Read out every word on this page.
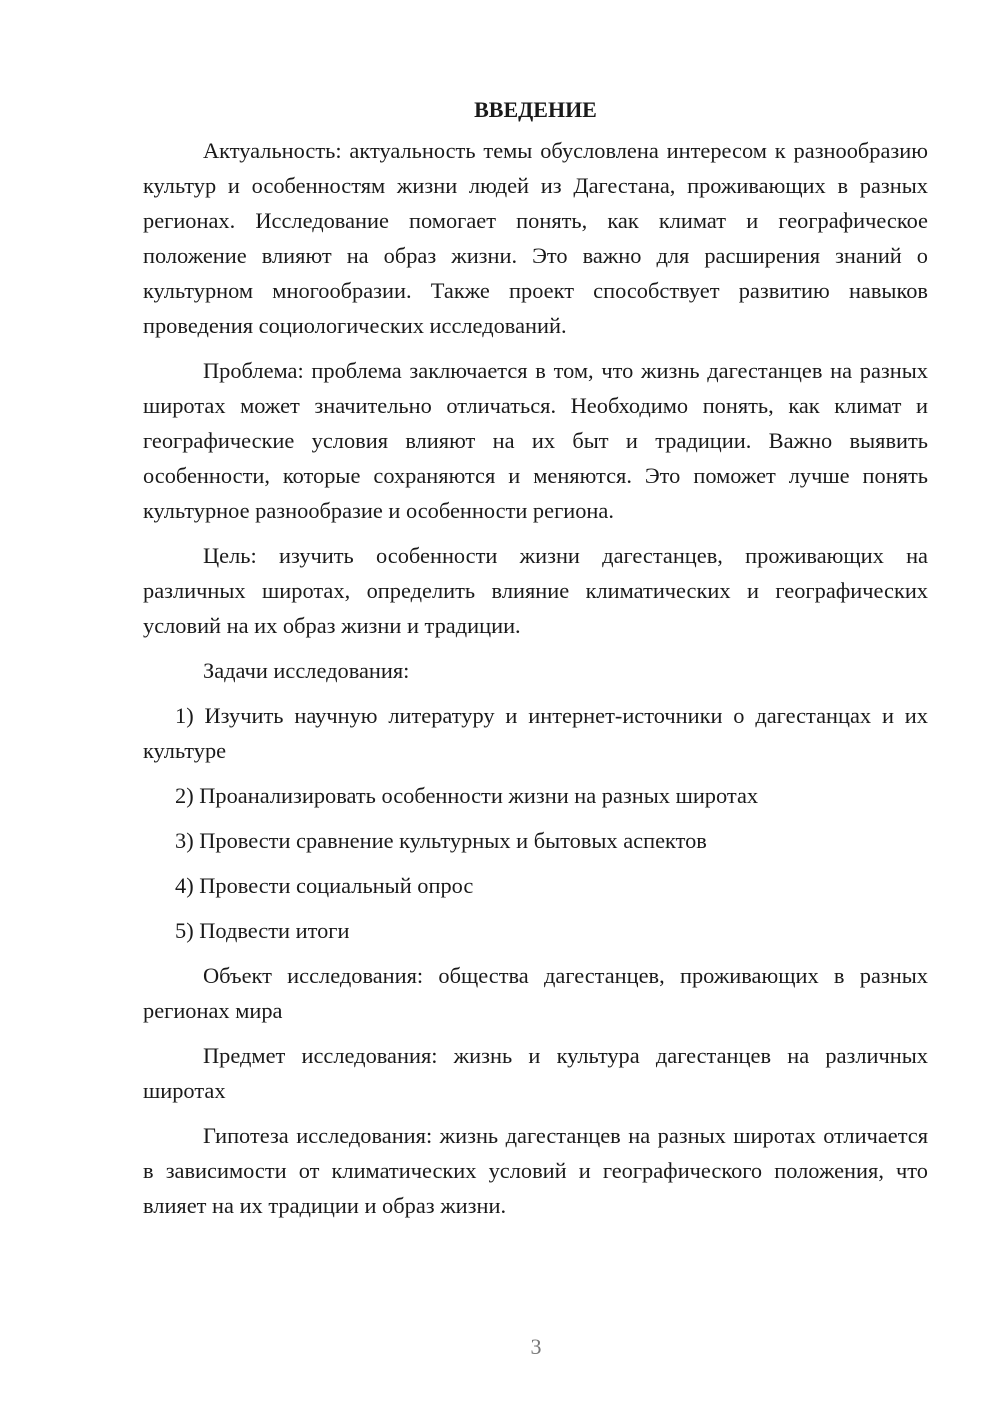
ВВЕДЕНИЕ

Актуальность: актуальность темы обусловлена интересом к разнообразию культур и особенностям жизни людей из Дагестана, проживающих в разных регионах. Исследование помогает понять, как климат и географическое положение влияют на образ жизни. Это важно для расширения знаний о культурном многообразии. Также проект способствует развитию навыков проведения социологических исследований.

Проблема: проблема заключается в том, что жизнь дагестанцев на разных широтах может значительно отличаться. Необходимо понять, как климат и географические условия влияют на их быт и традиции. Важно выявить особенности, которые сохраняются и меняются. Это поможет лучше понять культурное разнообразие и особенности региона.

Цель: изучить особенности жизни дагестанцев, проживающих на различных широтах, определить влияние климатических и географических условий на их образ жизни и традиции.

Задачи исследования:

1) Изучить научную литературу и интернет-источники о дагестанцах и их культуре

2) Проанализировать особенности жизни на разных широтах

3) Провести сравнение культурных и бытовых аспектов

4) Провести социальный опрос

5) Подвести итоги

Объект исследования: общества дагестанцев, проживающих в разных регионах мира

Предмет исследования: жизнь и культура дагестанцев на различных широтах

Гипотеза исследования: жизнь дагестанцев на разных широтах отличается в зависимости от климатических условий и географического положения, что влияет на их традиции и образ жизни.

3
